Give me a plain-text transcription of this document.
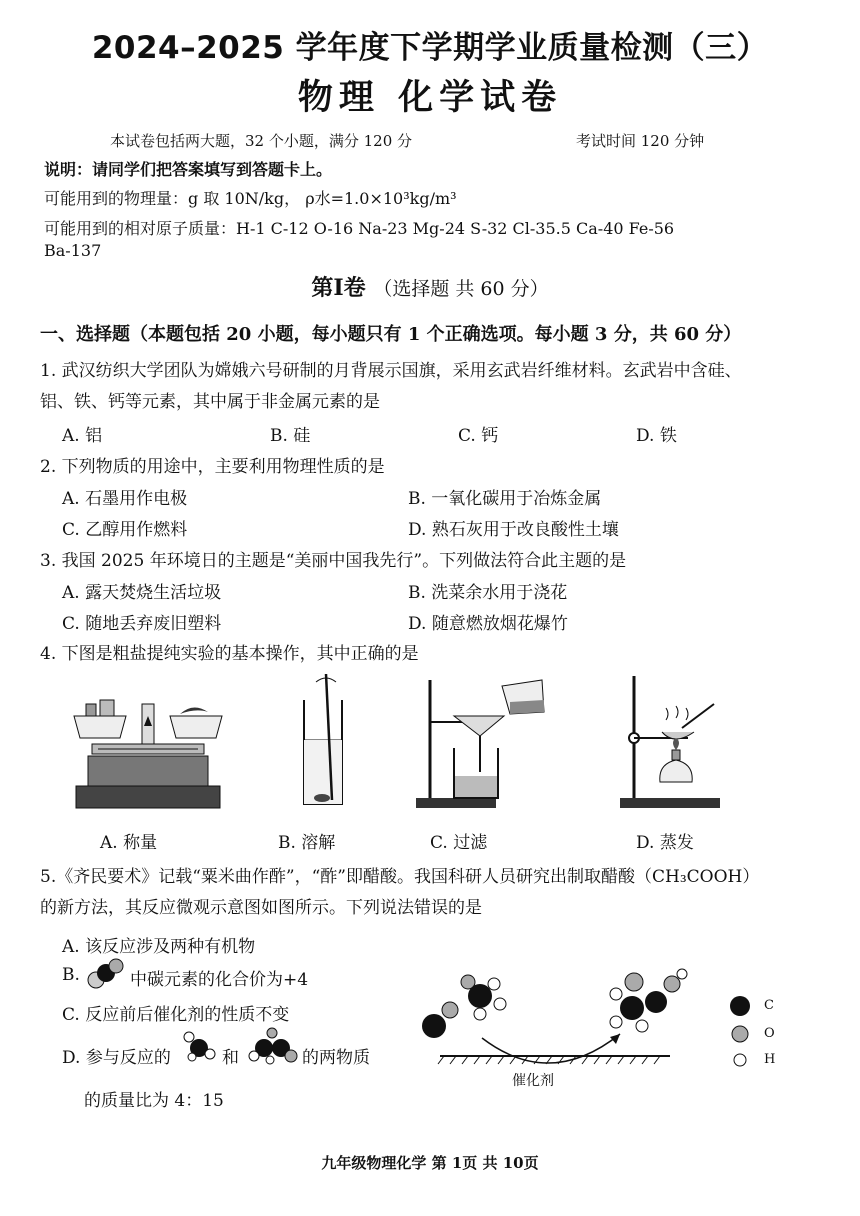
2024–2025 学年度下学期学业质量检测（三）
物理 化学试卷
本试卷包括两大题，32 个小题，满分 120 分	考试时间 120 分钟
说明：请同学们把答案填写到答题卡上。
可能用到的物理量：g 取 10N/kg， ρ水=1.0×10³kg/m³
可能用到的相对原子质量：H-1 C-12 O-16 Na-23 Mg-24 S-32 Cl-35.5 Ca-40 Fe-56
Ba-137
第Ⅰ卷 （选择题 共 60 分）
一、选择题（本题包括 20 小题，每小题只有 1 个正确选项。每小题 3 分，共 60 分）
1. 武汉纺织大学团队为嫦娥六号研制的月背展示国旗，采用玄武岩纤维材料。玄武岩中含硅、
铝、铁、钙等元素，其中属于非金属元素的是
A. 铝	B. 硅	C. 钙	D. 铁
2. 下列物质的用途中，主要利用物理性质的是
A. 石墨用作电极	B. 一氧化碳用于冶炼金属
C. 乙醇用作燃料	D. 熟石灰用于改良酸性土壤
3. 我国 2025 年环境日的主题是“美丽中国我先行”。下列做法符合此主题的是
A. 露天焚烧生活垃圾	B. 洗菜余水用于浇花
C. 随地丢弃废旧塑料	D. 随意燃放烟花爆竹
4. 下图是粗盐提纯实验的基本操作，其中正确的是
A. 称量	B. 溶解	C. 过滤	D. 蒸发
5.《齐民要术》记载“粟米曲作酢”，“酢”即醋酸。我国科研人员研究出制取醋酸（CH₃COOH）
的新方法，其反应微观示意图如图所示。下列说法错误的是
A. 该反应涉及两种有机物
B.	中碳元素的化合价为+4
C. 反应前后催化剂的性质不变
D. 参与反应的	和	的两物质
的质量比为 4：15
催化剂
C
O
H
九年级物理化学 第 1页 共 10页
